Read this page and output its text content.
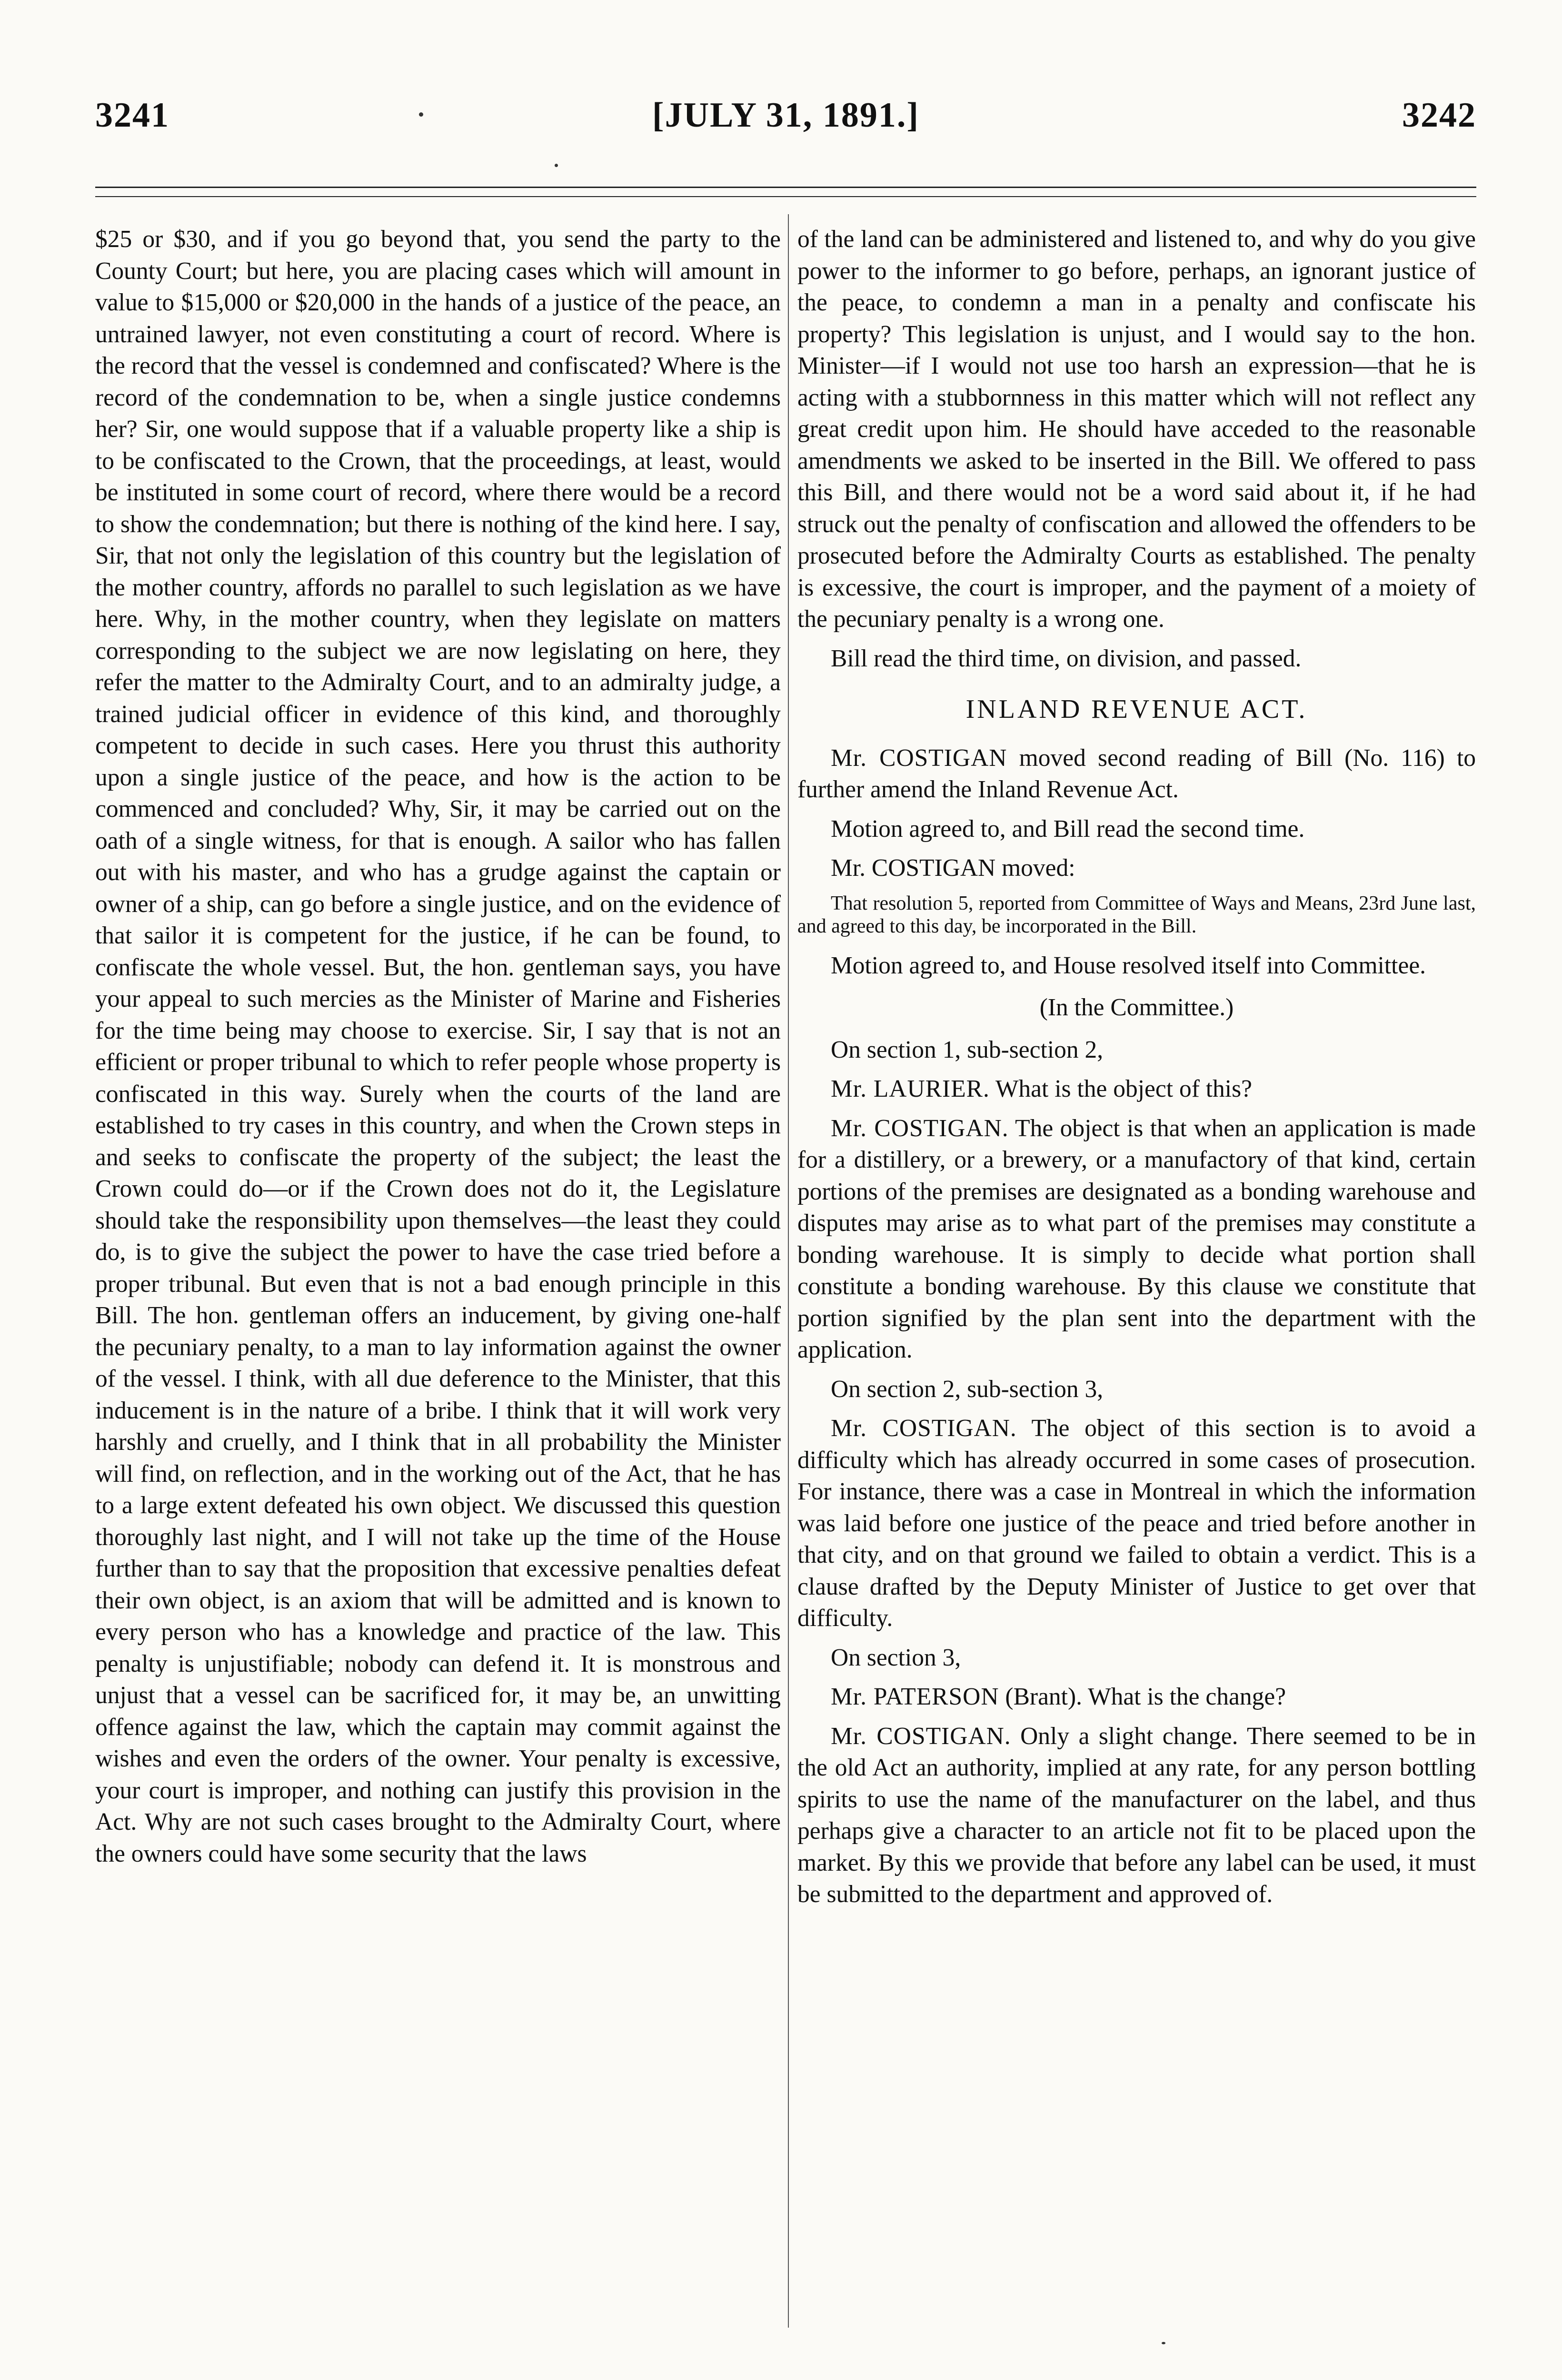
3241	[JULY 31, 1891.]	3242

$25 or $30, and if you go beyond that, you send the party to the County Court; but here, you are placing cases which will amount in value to $15,000 or $20,000 in the hands of a justice of the peace, an untrained lawyer, not even constituting a court of record. Where is the record that the vessel is condemned and confiscated? Where is the record of the condemnation to be, when a single justice condemns her? Sir, one would suppose that if a valuable property like a ship is to be confiscated to the Crown, that the proceedings, at least, would be instituted in some court of record, where there would be a record to show the condemnation; but there is nothing of the kind here. I say, Sir, that not only the legislation of this country but the legislation of the mother country, affords no parallel to such legislation as we have here. Why, in the mother country, when they legislate on matters corresponding to the subject we are now legislating on here, they refer the matter to the Admiralty Court, and to an admiralty judge, a trained judicial officer in evidence of this kind, and thoroughly competent to decide in such cases. Here you thrust this authority upon a single justice of the peace, and how is the action to be commenced and concluded? Why, Sir, it may be carried out on the oath of a single witness, for that is enough. A sailor who has fallen out with his master, and who has a grudge against the captain or owner of a ship, can go before a single justice, and on the evidence of that sailor it is competent for the justice, if he can be found, to confiscate the whole vessel. But, the hon. gentleman says, you have your appeal to such mercies as the Minister of Marine and Fisheries for the time being may choose to exercise. Sir, I say that is not an efficient or proper tribunal to which to refer people whose property is confiscated in this way. Surely when the courts of the land are established to try cases in this country, and when the Crown steps in and seeks to confiscate the property of the subject; the least the Crown could do—or if the Crown does not do it, the Legislature should take the responsibility upon themselves—the least they could do, is to give the subject the power to have the case tried before a proper tribunal. But even that is not a bad enough principle in this Bill. The hon. gentleman offers an inducement, by giving one-half the pecuniary penalty, to a man to lay information against the owner of the vessel. I think, with all due deference to the Minister, that this inducement is in the nature of a bribe. I think that it will work very harshly and cruelly, and I think that in all probability the Minister will find, on reflection, and in the working out of the Act, that he has to a large extent defeated his own object. We discussed this question thoroughly last night, and I will not take up the time of the House further than to say that the proposition that excessive penalties defeat their own object, is an axiom that will be admitted and is known to every person who has a knowledge and practice of the law. This penalty is unjustifiable; nobody can defend it. It is monstrous and unjust that a vessel can be sacrificed for, it may be, an unwitting offence against the law, which the captain may commit against the wishes and even the orders of the owner. Your penalty is excessive, your court is improper, and nothing can justify this provision in the Act. Why are not such cases brought to the Admiralty Court, where the owners could have some security that the laws

of the land can be administered and listened to, and why do you give power to the informer to go before, perhaps, an ignorant justice of the peace, to condemn a man in a penalty and confiscate his property? This legislation is unjust, and I would say to the hon. Minister—if I would not use too harsh an expression—that he is acting with a stubbornness in this matter which will not reflect any great credit upon him. He should have acceded to the reasonable amendments we asked to be inserted in the Bill. We offered to pass this Bill, and there would not be a word said about it, if he had struck out the penalty of confiscation and allowed the offenders to be prosecuted before the Admiralty Courts as established. The penalty is excessive, the court is improper, and the payment of a moiety of the pecuniary penalty is a wrong one.

Bill read the third time, on division, and passed.

INLAND REVENUE ACT.

Mr. COSTIGAN moved second reading of Bill (No. 116) to further amend the Inland Revenue Act.

Motion agreed to, and Bill read the second time.

Mr. COSTIGAN moved:

That resolution 5, reported from Committee of Ways and Means, 23rd June last, and agreed to this day, be incorporated in the Bill.

Motion agreed to, and House resolved itself into Committee.

(In the Committee.)

On section 1, sub-section 2,

Mr. LAURIER. What is the object of this?

Mr. COSTIGAN. The object is that when an application is made for a distillery, or a brewery, or a manufactory of that kind, certain portions of the premises are designated as a bonding warehouse and disputes may arise as to what part of the premises may constitute a bonding warehouse. It is simply to decide what portion shall constitute a bonding warehouse. By this clause we constitute that portion signified by the plan sent into the department with the application.

On section 2, sub-section 3,

Mr. COSTIGAN. The object of this section is to avoid a difficulty which has already occurred in some cases of prosecution. For instance, there was a case in Montreal in which the information was laid before one justice of the peace and tried before another in that city, and on that ground we failed to obtain a verdict. This is a clause drafted by the Deputy Minister of Justice to get over that difficulty.

On section 3,

Mr. PATERSON (Brant). What is the change?

Mr. COSTIGAN. Only a slight change. There seemed to be in the old Act an authority, implied at any rate, for any person bottling spirits to use the name of the manufacturer on the label, and thus perhaps give a character to an article not fit to be placed upon the market. By this we provide that before any label can be used, it must be submitted to the department and approved of.
